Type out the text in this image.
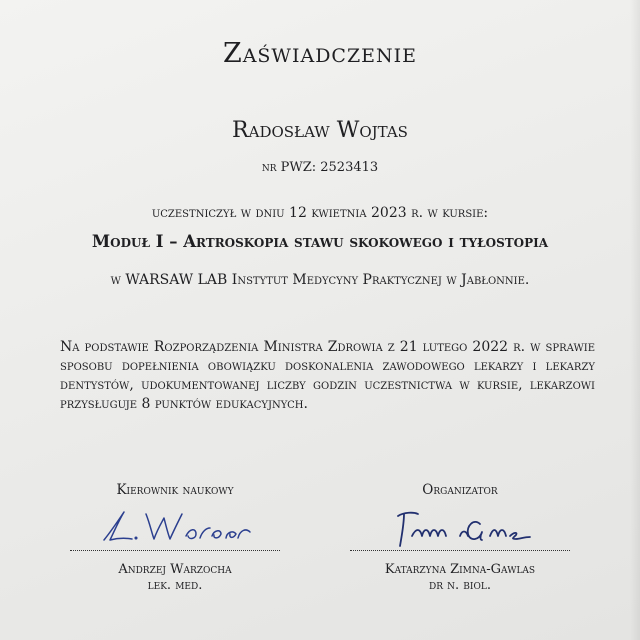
Zaświadczenie
Radosław Wojtas
nr PWZ: 2523413
uczestniczył w dniu 12 kwietnia 2023 r. w kursie:
Moduł I – Artroskopia stawu skokowego i tyłostopia
w WARSAW LAB Instytut Medycyny Praktycznej w Jabłonnie.
Na podstawie Rozporządzenia Ministra Zdrowia z 21 lutego 2022 r. w sprawie sposobu dopełnienia obowiązku doskonalenia zawodowego lekarzy i lekarzy dentystów, udokumentowanej liczby godzin uczestnictwa w kursie, lekarzowi przysługuje 8 punktów edukacyjnych.
Kierownik naukowy
L. Warzocha
Andrzej Warzocha
lek. med.
Organizator
Zimna-Gawlas
Katarzyna Zimna-Gawlas
dr n. biol.
